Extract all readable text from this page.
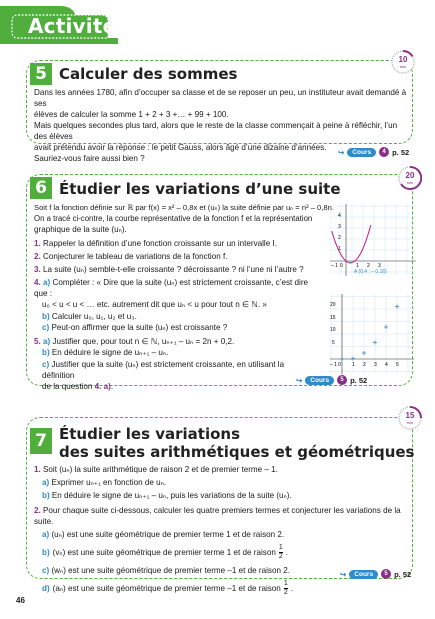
Activités
5 Calculer des sommes
10
min
Dans les années 1780, afin d’occuper sa classe et de se reposer un peu, un instituteur avait demandé à ses
élèves de calculer la somme 1 + 2 + 3 +… + 99 + 100.
Mais quelques secondes plus tard, alors que le reste de la classe commençait à peine à réfléchir, l’un des élèves
avait prétendu avoir la réponse : le petit Gauss, alors âgé d’une dizaine d’années.
Sauriez-vous faire aussi bien ?
↪	Cours	4 p. 52
6 Étudier les variations d’une suite
20
min
Soit f la fonction définie sur ℝ par f(x) = x² – 0,8x et (uₙ) la suite définie par uₙ = n² – 0,8n.
On a tracé ci-contre, la courbe représentative de la fonction f et la représentation
graphique de la suite (uₙ).
1. Rappeler la définition d’une fonction croissante sur un intervalle I.
2. Conjecturer le tableau de variations de la fonction f.
3. La suite (uₙ) semble-t-elle croissante ? décroissante ? ni l’une ni l’autre ?
4. a) Compléter : « Dire que la suite (uₙ) est strictement croissante, c’est dire que :
u₀ < u < u < … etc. autrement dit que uₙ < u pour tout n ∈ ℕ. »
b) Calculer u₀, u₁, u₂ et u₃.
c) Peut-on affirmer que la suite (uₙ) est croissante ?
5. a) Justifier que, pour tout n ∈ ℕ, uₙ₊₁ – uₙ = 2n + 0,2.
b) En déduire le signe de uₙ₊₁ – uₙ.
c) Justifier que la suite (uₙ) est strictement croissante, en utilisant la définition
de la question 4. a).
4
3
2
1
– 1 0	1 2 3
A (0,4 ; – 0,16)
20
15
10
5
– 1 0 1 2 3 4 5
↪	Cours	5 p. 52
7 Étudier les variations
des suites arithmétiques et géométriques
15
min
1. Soit (uₙ) la suite arithmétique de raison 2 et de premier terme – 1.
a) Exprimer uₙ₊₁ en fonction de uₙ.
b) En déduire le signe de uₙ₊₁ – uₙ, puis les variations de la suite (uₙ).
2. Pour chaque suite ci-dessous, calculer les quatre premiers termes et conjecturer les variations de la suite.
a) (uₙ) est une suite géométrique de premier terme 1 et de raison 2.
b) (vₙ) est une suite géométrique de premier terme 1 et de raison $\frac{1}{2}$ .
c) (wₙ) est une suite géométrique de premier terme –1 et de raison 2.
d) (aₙ) est une suite géométrique de premier terme –1 et de raison $\frac{1}{2}$ .
↪	Cours	5 p. 52
46
